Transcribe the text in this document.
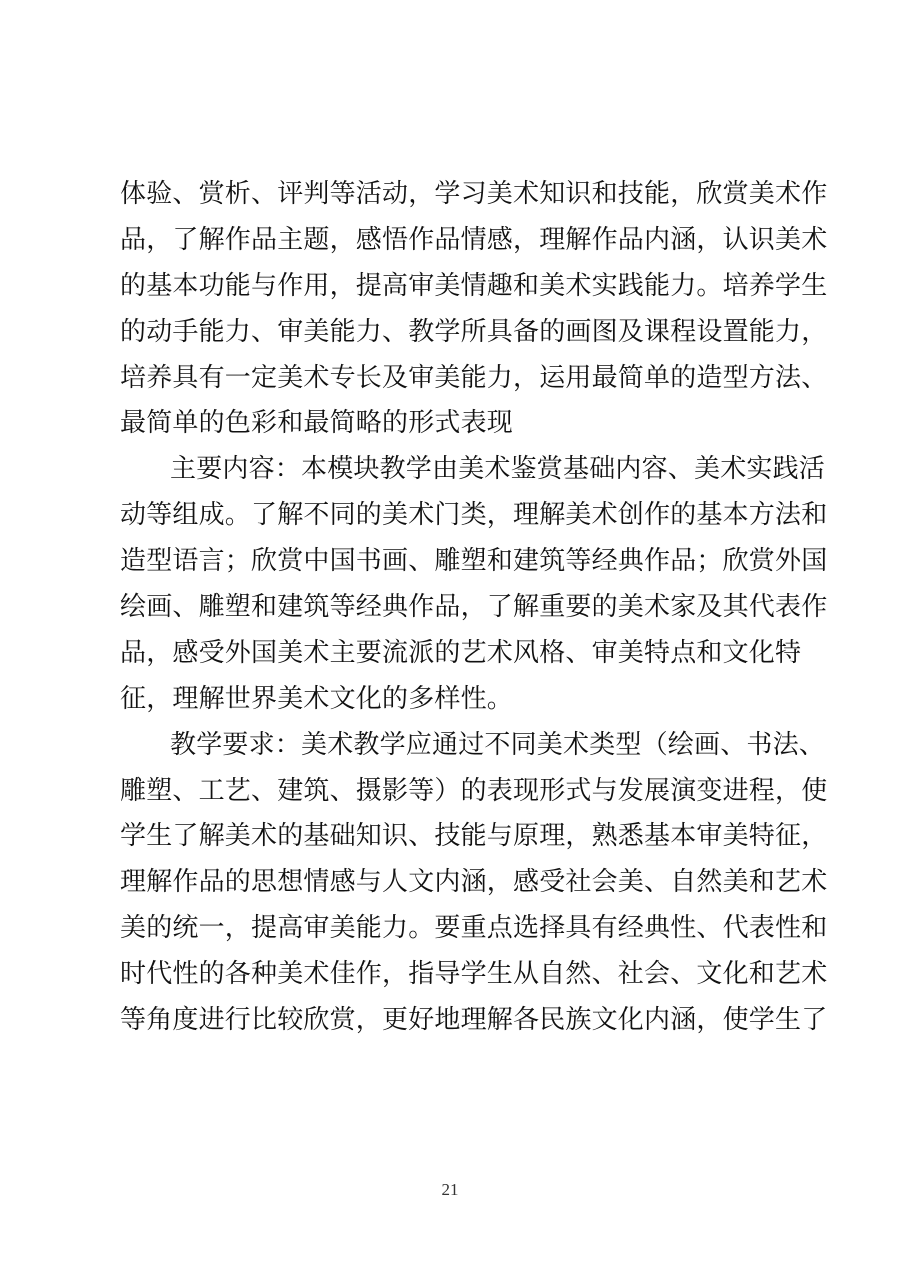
体验、赏析、评判等活动，学习美术知识和技能，欣赏美术作
品，了解作品主题，感悟作品情感，理解作品内涵，认识美术
的基本功能与作用，提高审美情趣和美术实践能力。培养学生
的动手能力、审美能力、教学所具备的画图及课程设置能力，
培养具有一定美术专长及审美能力，运用最简单的造型方法、
最简单的色彩和最简略的形式表现
主要内容：本模块教学由美术鉴赏基础内容、美术实践活
动等组成。了解不同的美术门类，理解美术创作的基本方法和
造型语言；欣赏中国书画、雕塑和建筑等经典作品；欣赏外国
绘画、雕塑和建筑等经典作品，了解重要的美术家及其代表作
品，感受外国美术主要流派的艺术风格、审美特点和文化特
征，理解世界美术文化的多样性。
教学要求：美术教学应通过不同美术类型（绘画、书法、
雕塑、工艺、建筑、摄影等）的表现形式与发展演变进程，使
学生了解美术的基础知识、技能与原理，熟悉基本审美特征，
理解作品的思想情感与人文内涵，感受社会美、自然美和艺术
美的统一，提高审美能力。要重点选择具有经典性、代表性和
时代性的各种美术佳作，指导学生从自然、社会、文化和艺术
等角度进行比较欣赏，更好地理解各民族文化内涵，使学生了
21
